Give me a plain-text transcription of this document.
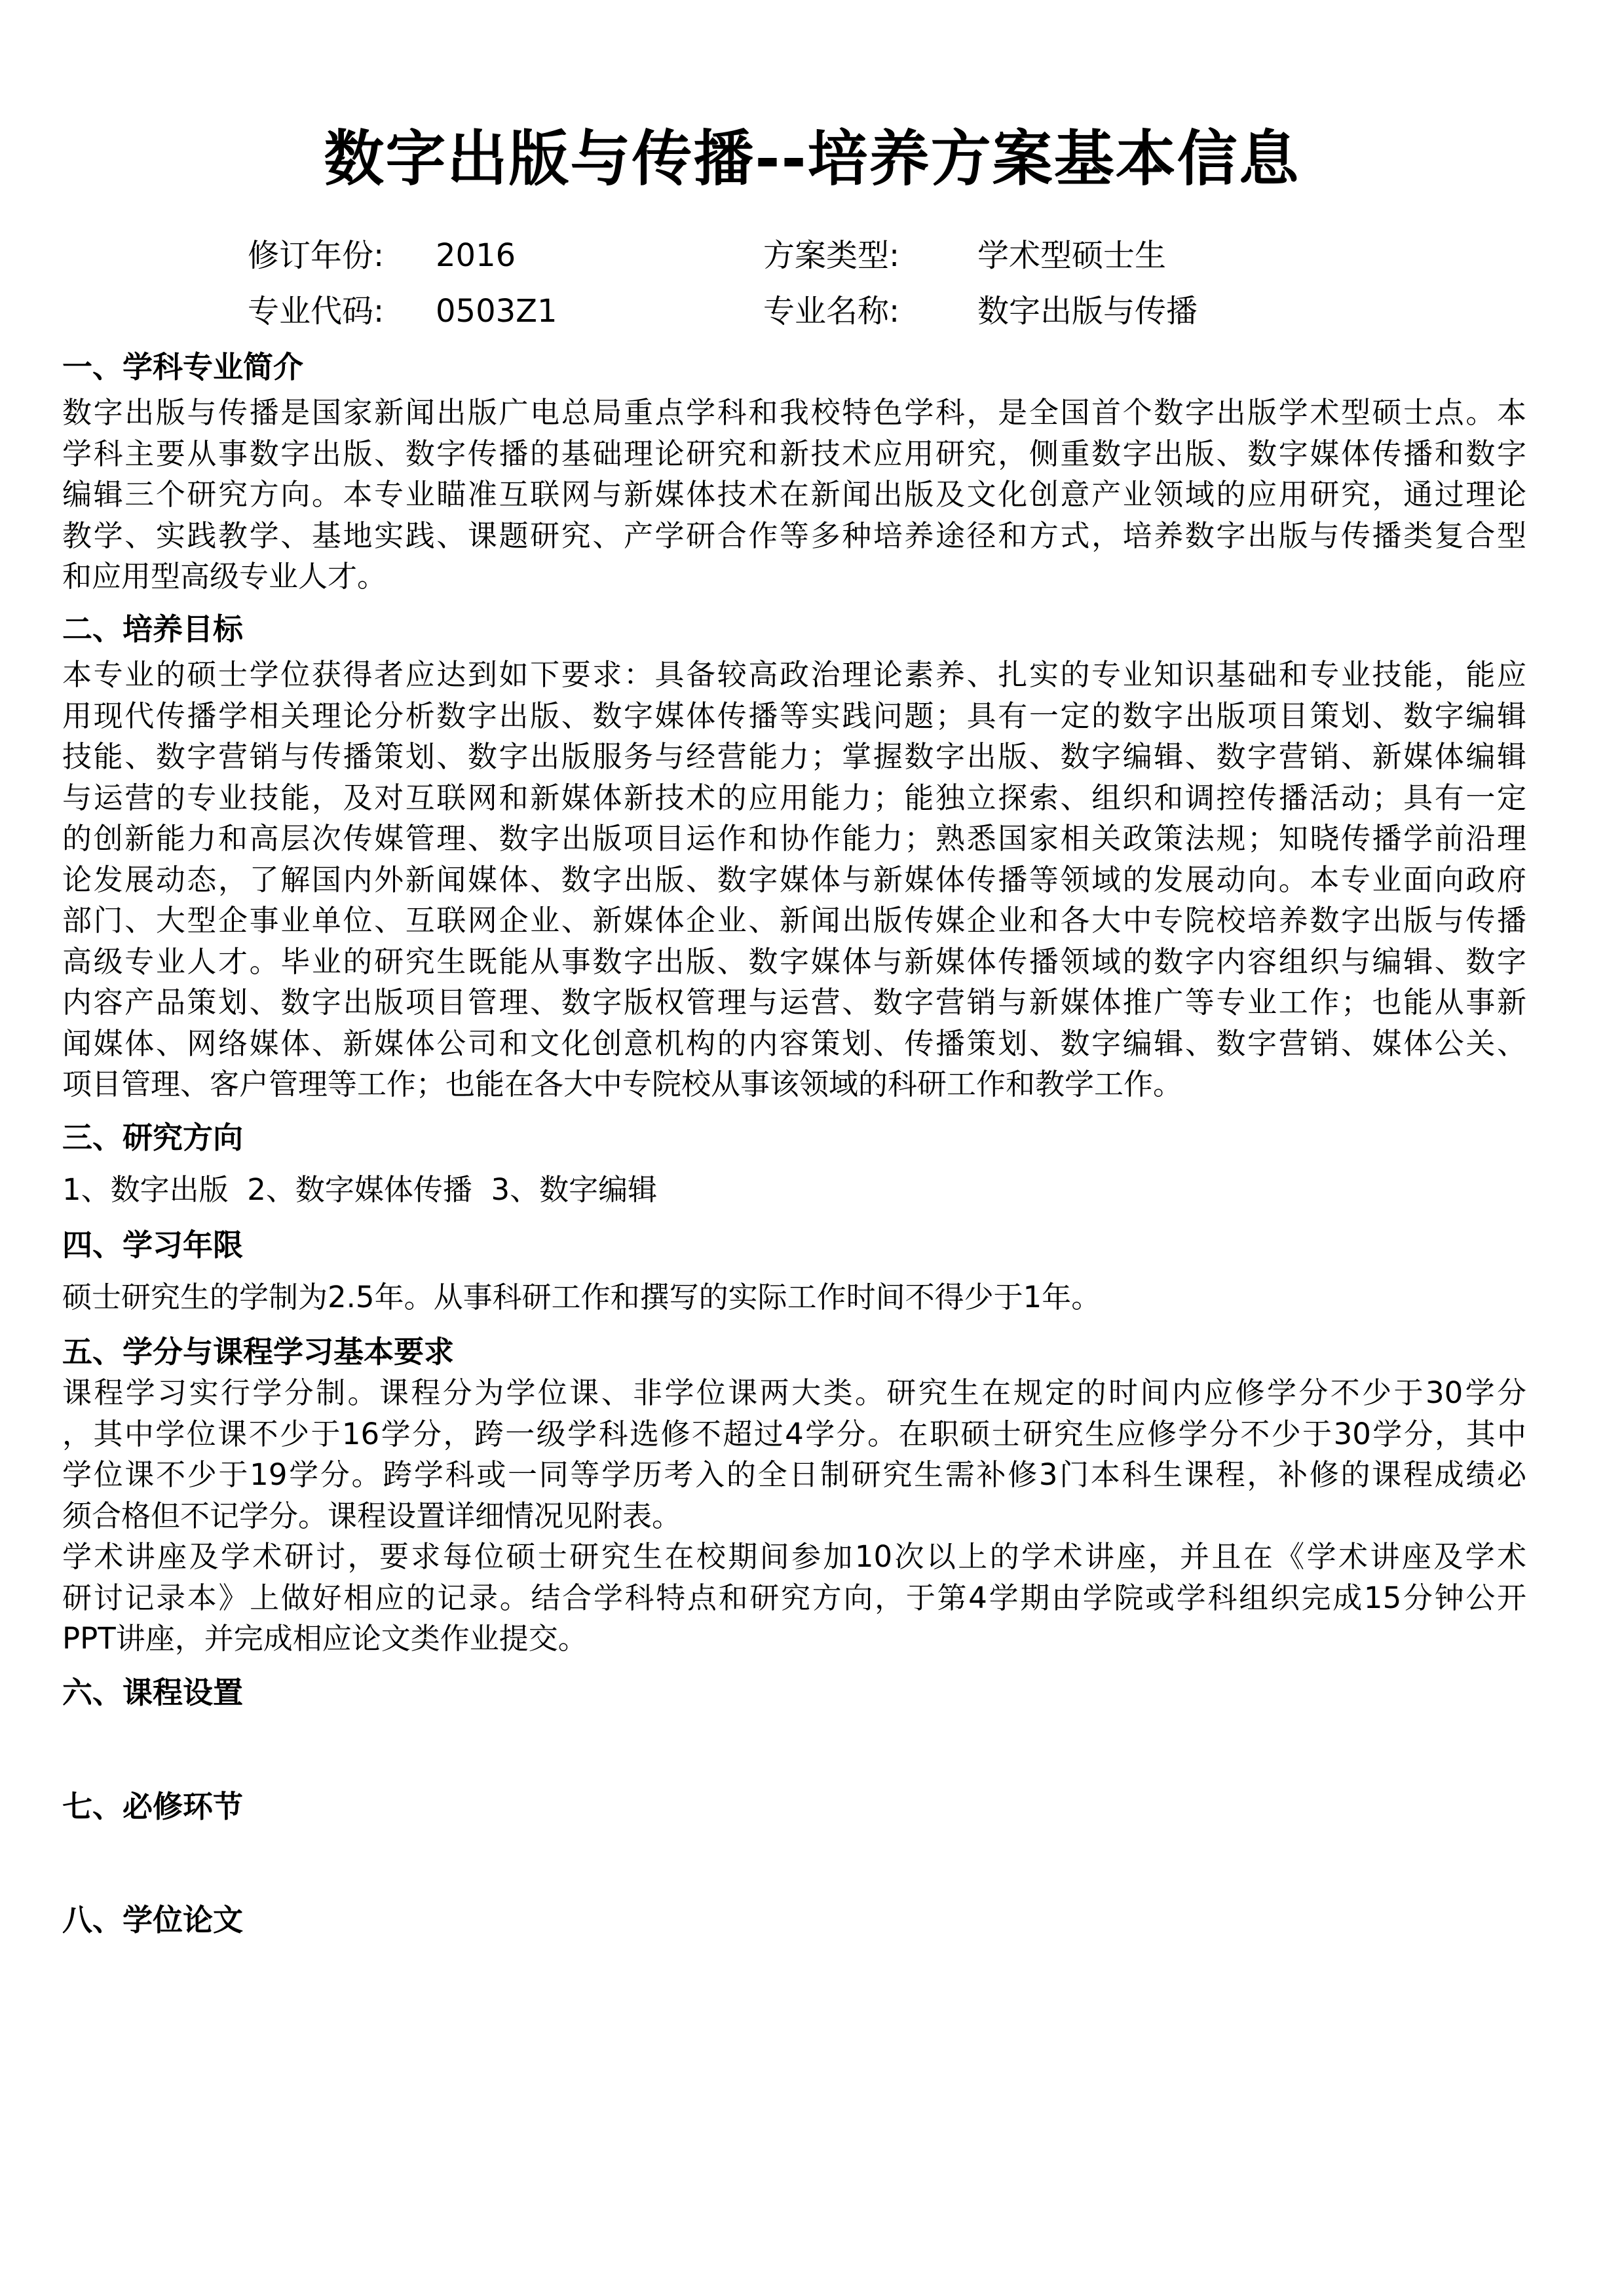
数字出版与传播--培养方案基本信息
修订年份: 2016	方案类型: 学术型硕士生
专业代码: 0503Z1	专业名称: 数字出版与传播
一、学科专业简介
数字出版与传播是国家新闻出版广电总局重点学科和我校特色学科，是全国首个数字出版学术型硕士点。本
学科主要从事数字出版、数字传播的基础理论研究和新技术应用研究，侧重数字出版、数字媒体传播和数字
编辑三个研究方向。本专业瞄准互联网与新媒体技术在新闻出版及文化创意产业领域的应用研究，通过理论
教学、实践教学、基地实践、课题研究、产学研合作等多种培养途径和方式，培养数字出版与传播类复合型
和应用型高级专业人才。
二、培养目标
本专业的硕士学位获得者应达到如下要求：具备较高政治理论素养、扎实的专业知识基础和专业技能，能应
用现代传播学相关理论分析数字出版、数字媒体传播等实践问题；具有一定的数字出版项目策划、数字编辑
技能、数字营销与传播策划、数字出版服务与经营能力；掌握数字出版、数字编辑、数字营销、新媒体编辑
与运营的专业技能，及对互联网和新媒体新技术的应用能力；能独立探索、组织和调控传播活动；具有一定
的创新能力和高层次传媒管理、数字出版项目运作和协作能力；熟悉国家相关政策法规；知晓传播学前沿理
论发展动态，了解国内外新闻媒体、数字出版、数字媒体与新媒体传播等领域的发展动向。本专业面向政府
部门、大型企事业单位、互联网企业、新媒体企业、新闻出版传媒企业和各大中专院校培养数字出版与传播
高级专业人才。毕业的研究生既能从事数字出版、数字媒体与新媒体传播领域的数字内容组织与编辑、数字
内容产品策划、数字出版项目管理、数字版权管理与运营、数字营销与新媒体推广等专业工作；也能从事新
闻媒体、网络媒体、新媒体公司和文化创意机构的内容策划、传播策划、数字编辑、数字营销、媒体公关、
项目管理、客户管理等工作；也能在各大中专院校从事该领域的科研工作和教学工作。
三、研究方向
1、数字出版  2、数字媒体传播  3、数字编辑
四、学习年限
硕士研究生的学制为2.5年。从事科研工作和撰写的实际工作时间不得少于1年。
五、学分与课程学习基本要求
课程学习实行学分制。课程分为学位课、非学位课两大类。研究生在规定的时间内应修学分不少于30学分
，其中学位课不少于16学分，跨一级学科选修不超过4学分。在职硕士研究生应修学分不少于30学分，其中
学位课不少于19学分。跨学科或一同等学历考入的全日制研究生需补修3门本科生课程，补修的课程成绩必
须合格但不记学分。课程设置详细情况见附表。
学术讲座及学术研讨，要求每位硕士研究生在校期间参加10次以上的学术讲座，并且在《学术讲座及学术
研讨记录本》上做好相应的记录。结合学科特点和研究方向，于第4学期由学院或学科组织完成15分钟公开
PPT讲座，并完成相应论文类作业提交。
六、课程设置
七、必修环节
八、学位论文
